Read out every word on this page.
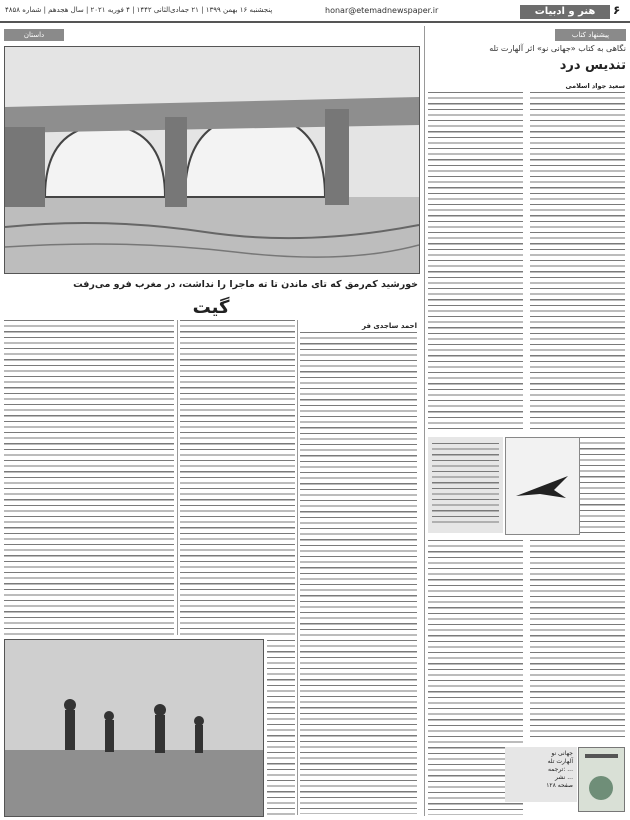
۶
هنر و ادبیات
honar@etemadnewspaper.ir
پنجشنبه ۱۶ بهمن ۱۳۹۹ | ۲۱ جمادی‌الثانی ۱۴۴۲ | ۴ فوریه ۲۰۲۱ | سال هجدهم | شماره ۴۸۵۸
پیشنهاد کتاب
نگاهی به کتاب «جهانی نو» اثر آلهارت تله
تندیس درد
سعید جواد اسلامی
جهانی نو
آلهارت تله
ترجمه: ...
نشر ...
۱۲۸ صفحه
داستان
خورشید کم‌رمق که تای ماندن تا ته ماجرا را نداشت، در مغرب فرو می‌رفت
گیت
احمد ساجدی فر
